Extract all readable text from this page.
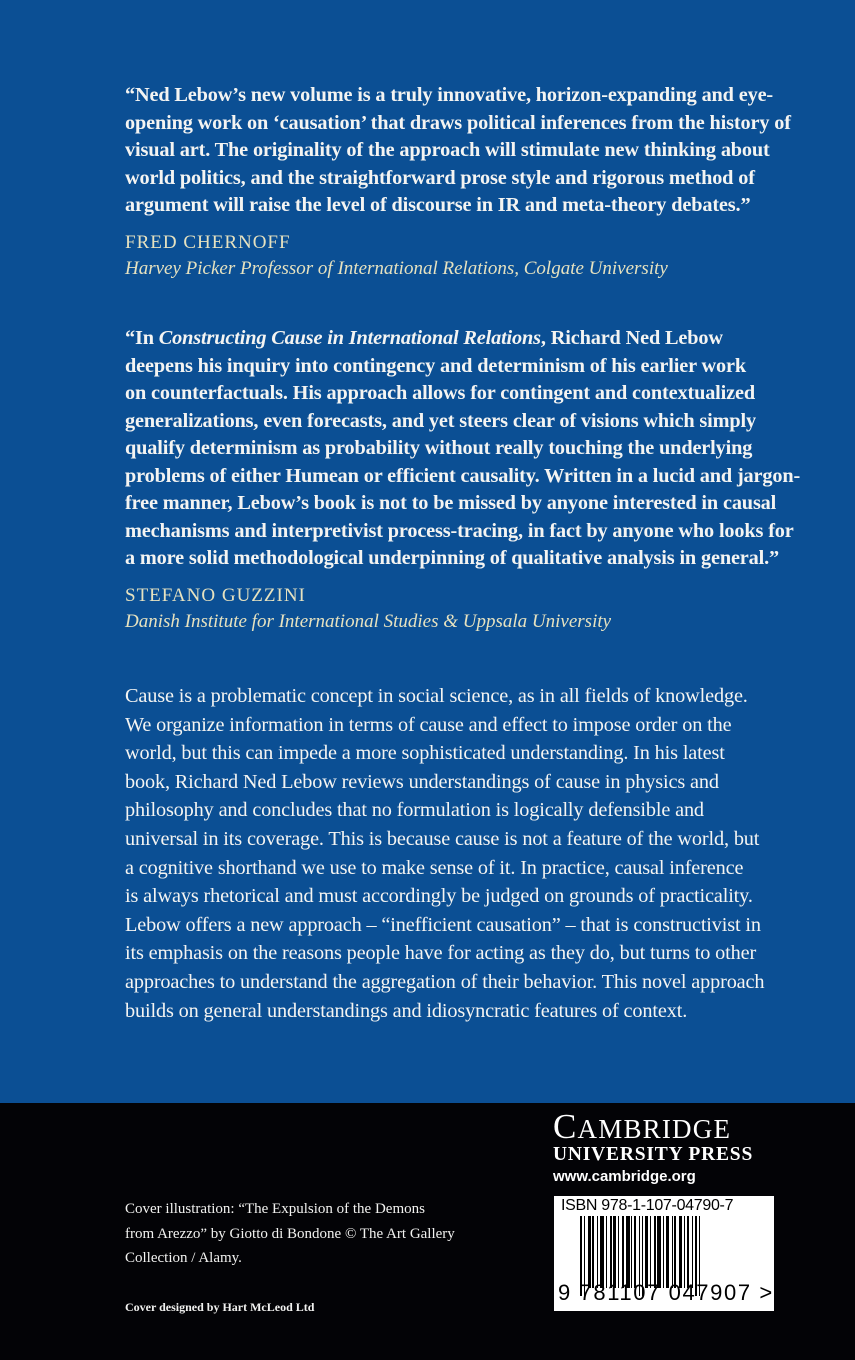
“Ned Lebow’s new volume is a truly innovative, horizon-expanding and eye-
opening work on ‘causation’ that draws political inferences from the history of
visual art. The originality of the approach will stimulate new thinking about
world politics, and the straightforward prose style and rigorous method of
argument will raise the level of discourse in IR and meta-theory debates.”

FRED CHERNOFF

Harvey Picker Professor of International Relations, Colgate University

“In Constructing Cause in International Relations, Richard Ned Lebow
deepens his inquiry into contingency and determinism of his earlier work
on counterfactuals. His approach allows for contingent and contextualized
generalizations, even forecasts, and yet steers clear of visions which simply
qualify determinism as probability without really touching the underlying
problems of either Humean or efficient causality. Written in a lucid and jargon-
free manner, Lebow’s book is not to be missed by anyone interested in causal
mechanisms and interpretivist process-tracing, in fact by anyone who looks for
a more solid methodological underpinning of qualitative analysis in general.”

STEFANO GUZZINI

Danish Institute for International Studies & Uppsala University

Cause is a problematic concept in social science, as in all fields of knowledge.
We organize information in terms of cause and effect to impose order on the
world, but this can impede a more sophisticated understanding. In his latest
book, Richard Ned Lebow reviews understandings of cause in physics and
philosophy and concludes that no formulation is logically defensible and
universal in its coverage. This is because cause is not a feature of the world, but
a cognitive shorthand we use to make sense of it. In practice, causal inference
is always rhetorical and must accordingly be judged on grounds of practicality.
Lebow offers a new approach – “inefficient causation” – that is constructivist in
its emphasis on the reasons people have for acting as they do, but turns to other
approaches to understand the aggregation of their behavior. This novel approach
builds on general understandings and idiosyncratic features of context.

Cover illustration: “The Expulsion of the Demons
from Arezzo” by Giotto di Bondone © The Art Gallery
Collection / Alamy.

Cover designed by Hart McLeod Ltd
CAMBRIDGE
UNIVERSITY PRESS
www.cambridge.org
ISBN 978-1-107-04790-7
9 781107 047907 >
